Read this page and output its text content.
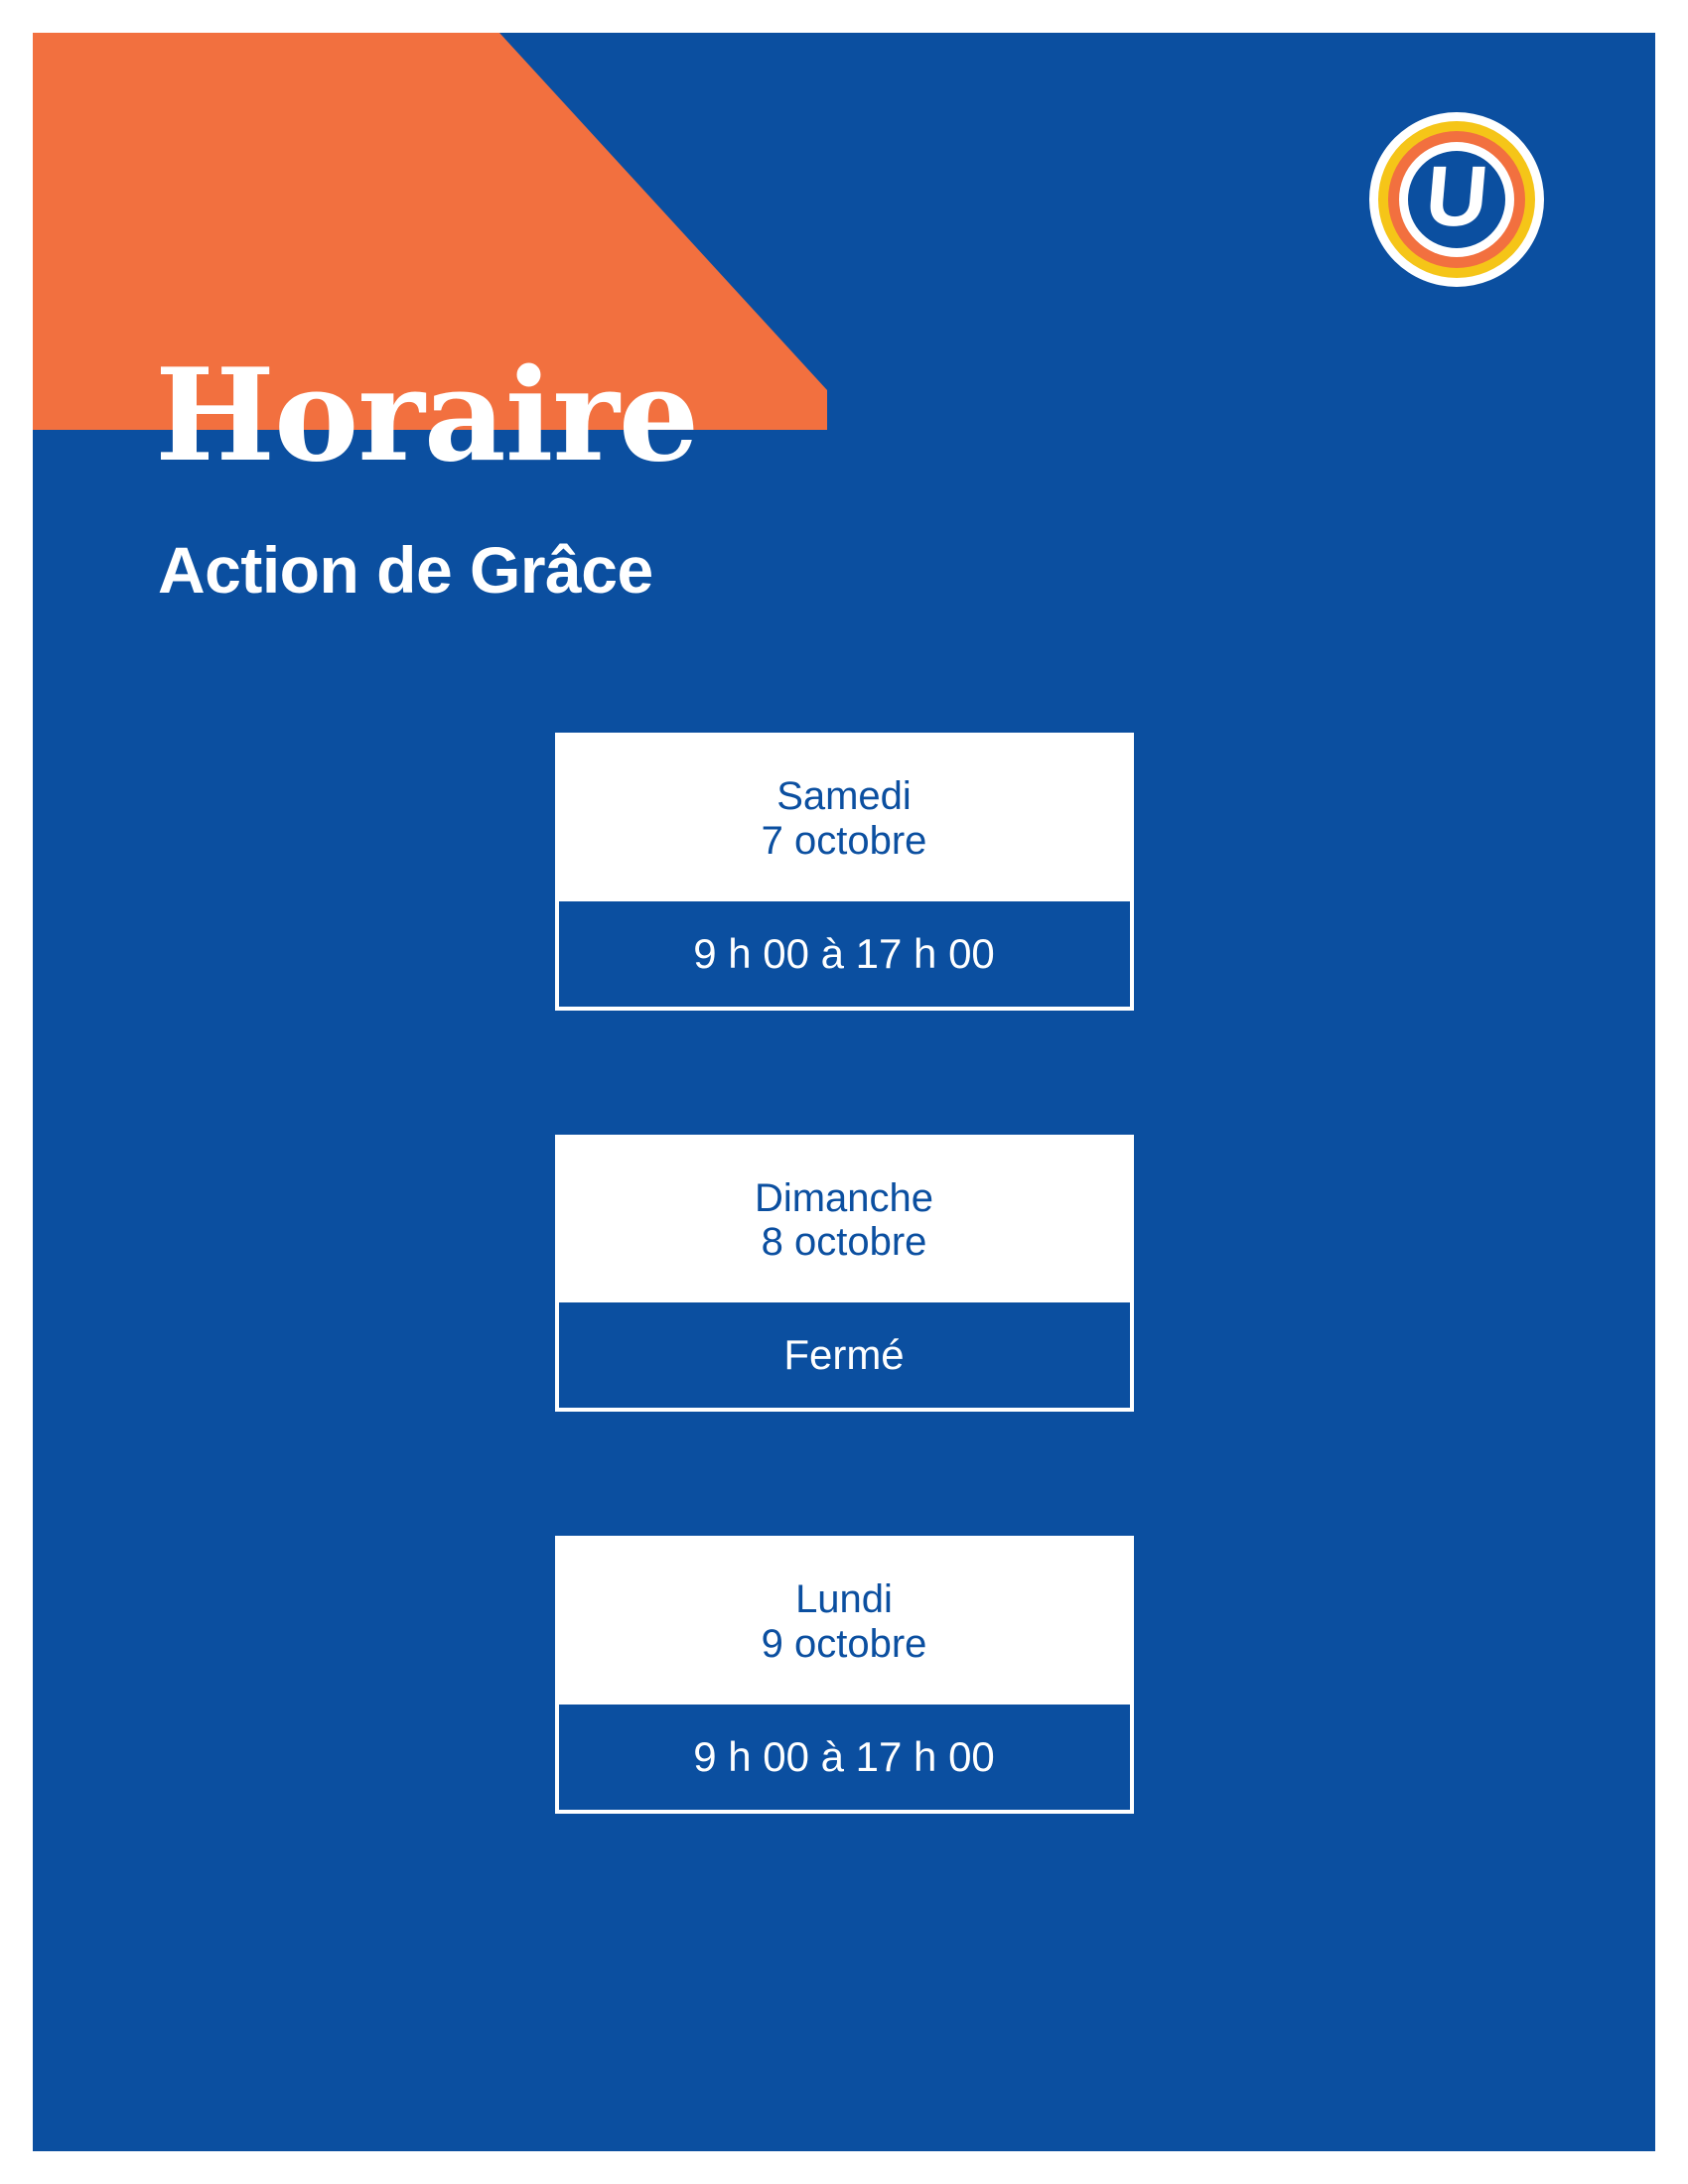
U
Horaire
Action de Grâce
Samedi
7 octobre
9 h 00 à 17 h 00
Dimanche
8 octobre
Fermé
Lundi
9 octobre
9 h 00 à 17 h 00
